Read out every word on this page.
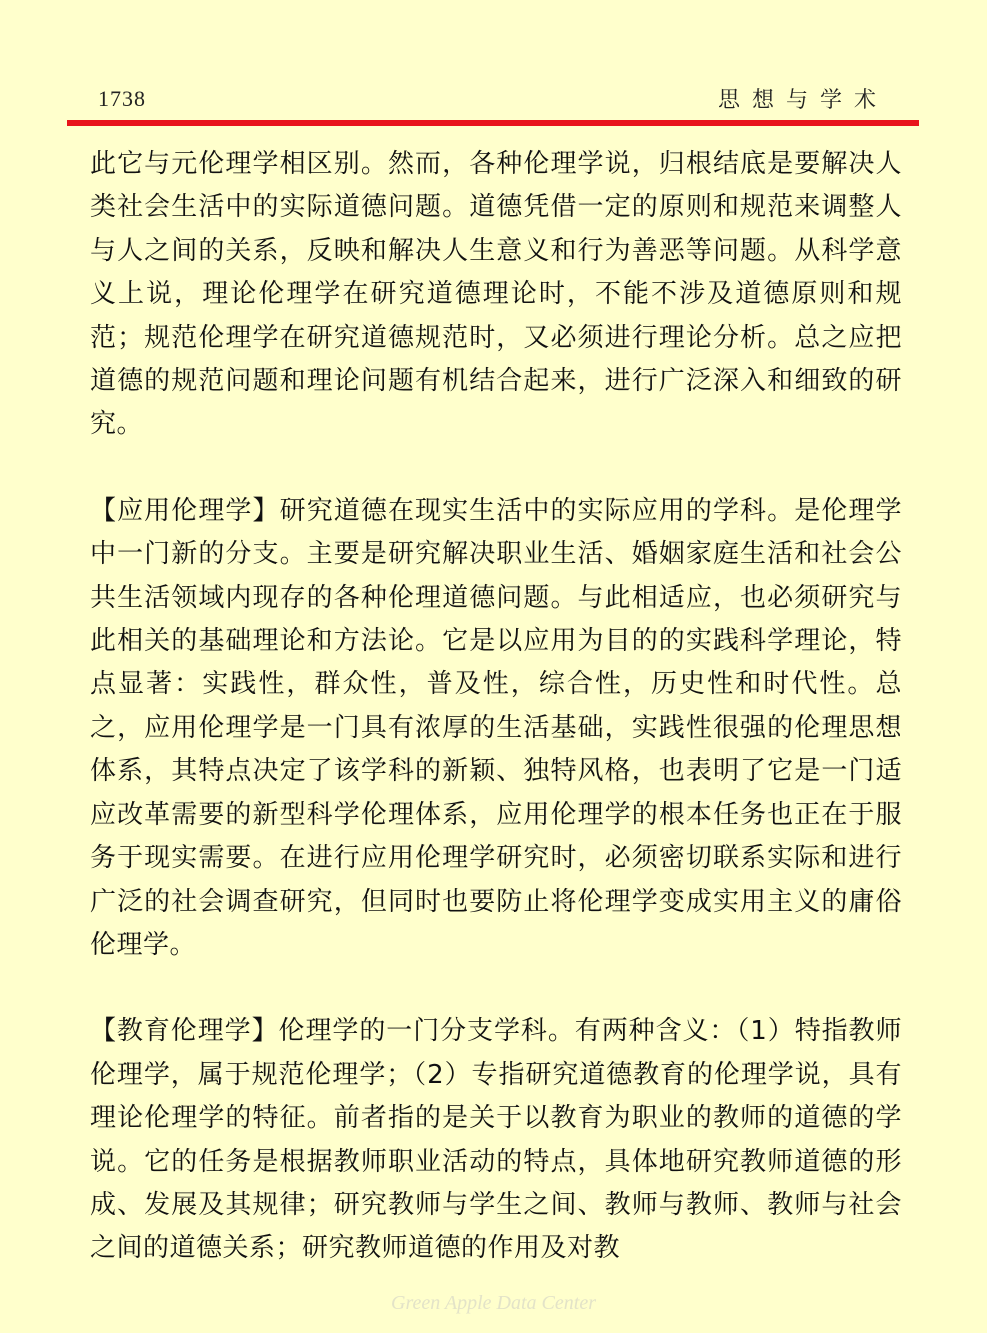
1738	思想与学术

此它与元伦理学相区别。然而，各种伦理学说，归根结底是要解决人类社会生活中的实际道德问题。道德凭借一定的原则和规范来调整人与人之间的关系，反映和解决人生意义和行为善恶等问题。从科学意义上说，理论伦理学在研究道德理论时，不能不涉及道德原则和规范；规范伦理学在研究道德规范时，又必须进行理论分析。总之应把道德的规范问题和理论问题有机结合起来，进行广泛深入和细致的研究。

【应用伦理学】研究道德在现实生活中的实际应用的学科。是伦理学中一门新的分支。主要是研究解决职业生活、婚姻家庭生活和社会公共生活领域内现存的各种伦理道德问题。与此相适应，也必须研究与此相关的基础理论和方法论。它是以应用为目的的实践科学理论，特点显著：实践性，群众性，普及性，综合性，历史性和时代性。总之，应用伦理学是一门具有浓厚的生活基础，实践性很强的伦理思想体系，其特点决定了该学科的新颖、独特风格，也表明了它是一门适应改革需要的新型科学伦理体系，应用伦理学的根本任务也正在于服务于现实需要。在进行应用伦理学研究时，必须密切联系实际和进行广泛的社会调查研究，但同时也要防止将伦理学变成实用主义的庸俗伦理学。

【教育伦理学】伦理学的一门分支学科。有两种含义：（1）特指教师伦理学，属于规范伦理学；（2）专指研究道德教育的伦理学说，具有理论伦理学的特征。前者指的是关于以教育为职业的教师的道德的学说。它的任务是根据教师职业活动的特点，具体地研究教师道德的形成、发展及其规律；研究教师与学生之间、教师与教师、教师与社会之间的道德关系；研究教师道德的作用及对教

Green Apple Data Center
